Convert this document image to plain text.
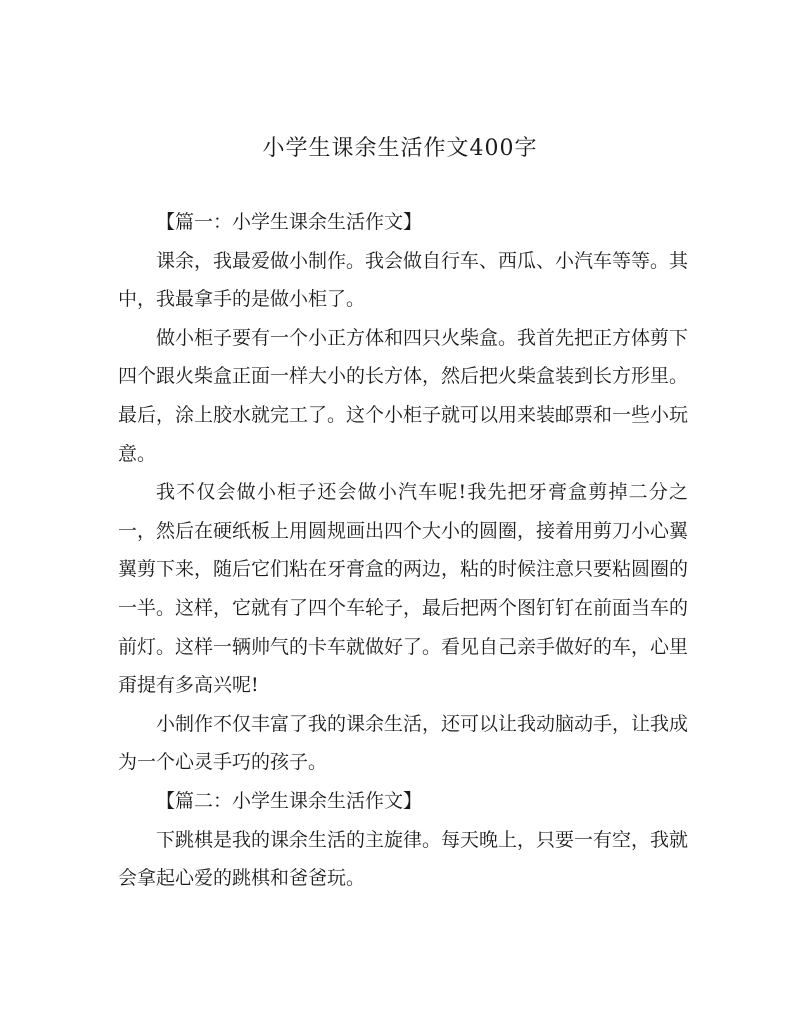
小学生课余生活作文400字

【篇一：小学生课余生活作文】

课余，我最爱做小制作。我会做自行车、西瓜、小汽车等等。其中，我最拿手的是做小柜了。

做小柜子要有一个小正方体和四只火柴盒。我首先把正方体剪下四个跟火柴盒正面一样大小的长方体，然后把火柴盒装到长方形里。最后，涂上胶水就完工了。这个小柜子就可以用来装邮票和一些小玩意。

我不仅会做小柜子还会做小汽车呢!我先把牙膏盒剪掉二分之一，然后在硬纸板上用圆规画出四个大小的圆圈，接着用剪刀小心翼翼剪下来，随后它们粘在牙膏盒的两边，粘的时候注意只要粘圆圈的一半。这样，它就有了四个车轮子，最后把两个图钉钉在前面当车的前灯。这样一辆帅气的卡车就做好了。看见自己亲手做好的车，心里甭提有多高兴呢!

小制作不仅丰富了我的课余生活，还可以让我动脑动手，让我成为一个心灵手巧的孩子。

【篇二：小学生课余生活作文】

下跳棋是我的课余生活的主旋律。每天晚上，只要一有空，我就会拿起心爱的跳棋和爸爸玩。
